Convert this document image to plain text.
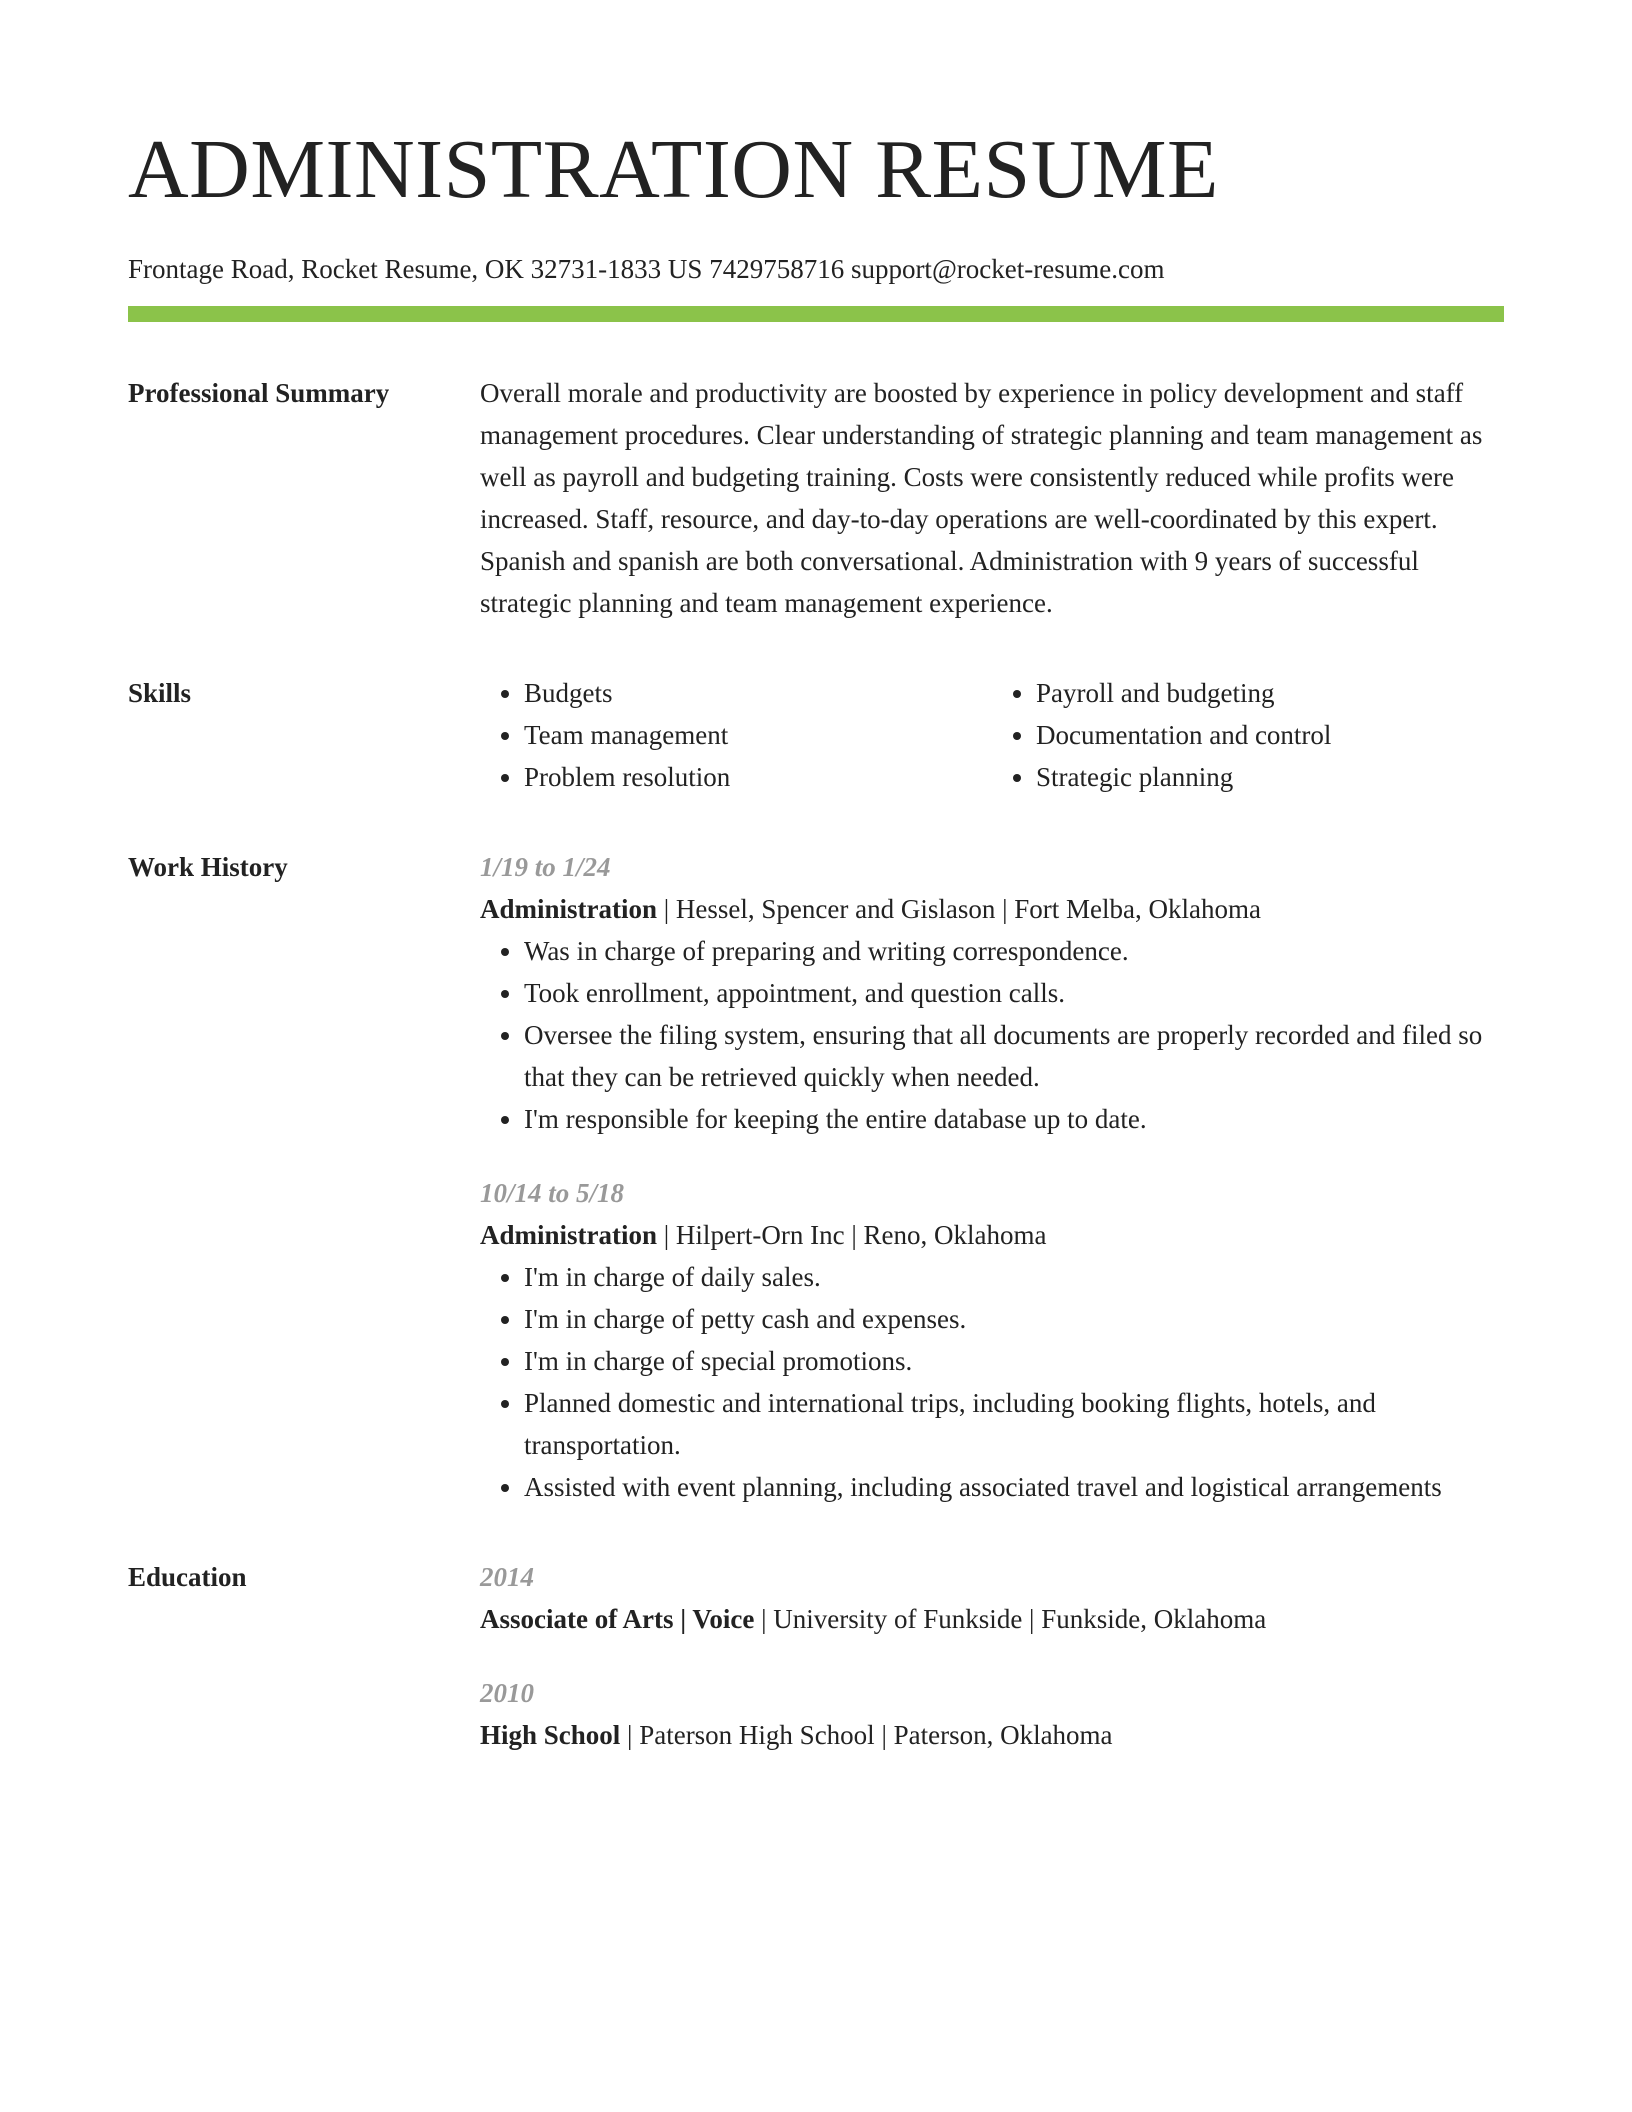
ADMINISTRATION RESUME
Frontage Road, Rocket Resume, OK 32731-1833 US 7429758716 support@rocket-resume.com
Professional Summary	Overall morale and productivity are boosted by experience in policy development and staff management procedures. Clear understanding of strategic planning and team management as well as payroll and budgeting training. Costs were consistently reduced while profits were increased. Staff, resource, and day-to-day operations are well-coordinated by this expert. Spanish and spanish are both conversational. Administration with 9 years of successful strategic planning and team management experience.

Skills
•	Budgets
• Team management
• Problem resolution
• Payroll and budgeting
• Documentation and control
• Strategic planning
Work History	1/19 to 1/24
Administration | Hessel, Spencer and Gislason | Fort Melba, Oklahoma
• Was in charge of preparing and writing correspondence.
• Took enrollment, appointment, and question calls.
• Oversee the filing system, ensuring that all documents are properly recorded and filed so that they can be retrieved quickly when needed.
• I'm responsible for keeping the entire database up to date.
10/14 to 5/18
Administration | Hilpert-Orn Inc | Reno, Oklahoma
• I'm in charge of daily sales.
• I'm in charge of petty cash and expenses.
• I'm in charge of special promotions.
• Planned domestic and international trips, including booking flights, hotels, and transportation.
• Assisted with event planning, including associated travel and logistical arrangements
Education	2014
Associate of Arts | Voice | University of Funkside | Funkside, Oklahoma
2010
High School | Paterson High School | Paterson, Oklahoma
